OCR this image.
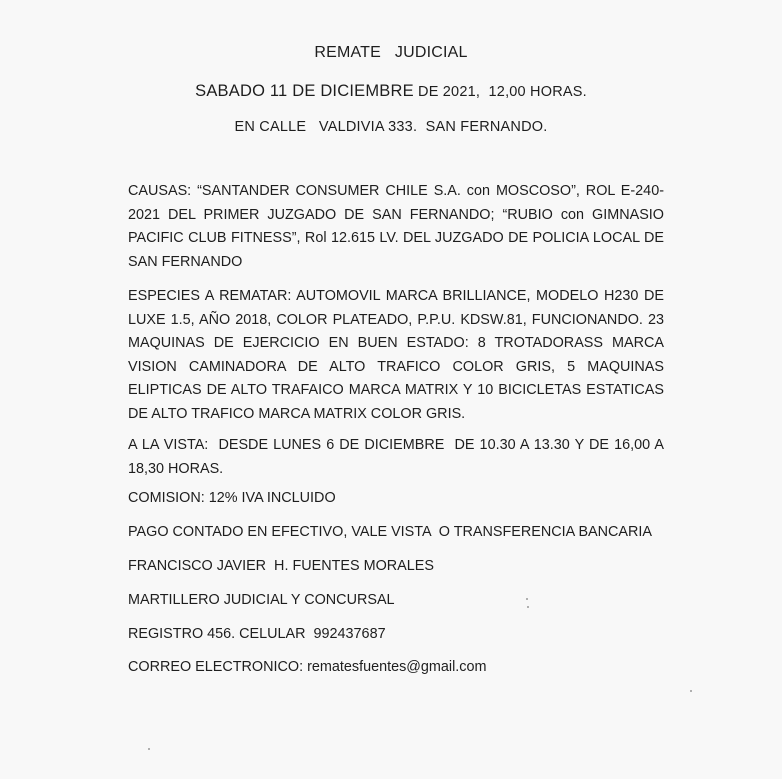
REMATE   JUDICIAL
SABADO 11 DE DICIEMBRE DE 2021,  12,00 HORAS.
EN CALLE   VALDIVIA 333.  SAN FERNANDO.
CAUSAS: “SANTANDER CONSUMER CHILE S.A. con MOSCOSO”, ROL E-240-2021 DEL PRIMER JUZGADO DE SAN FERNANDO; “RUBIO con GIMNASIO PACIFIC CLUB FITNESS”, Rol 12.615 LV. DEL JUZGADO DE POLICIA LOCAL DE SAN FERNANDO
ESPECIES A REMATAR: AUTOMOVIL MARCA BRILLIANCE, MODELO H230 DE LUXE 1.5, AÑO 2018, COLOR PLATEADO, P.P.U. KDSW.81, FUNCIONANDO. 23 MAQUINAS DE EJERCICIO EN BUEN ESTADO: 8 TROTADORASS MARCA VISION CAMINADORA DE ALTO TRAFICO COLOR GRIS, 5 MAQUINAS ELIPTICAS DE ALTO TRAFAICO MARCA MATRIX Y 10 BICICLETAS ESTATICAS DE ALTO TRAFICO MARCA MATRIX COLOR GRIS.
A LA VISTA:  DESDE LUNES 6 DE DICIEMBRE  DE 10.30 A 13.30 Y DE 16,00 A 18,30 HORAS.
COMISION: 12% IVA INCLUIDO
PAGO CONTADO EN EFECTIVO, VALE VISTA  O TRANSFERENCIA BANCARIA
FRANCISCO JAVIER  H. FUENTES MORALES
MARTILLERO JUDICIAL Y CONCURSAL
REGISTRO 456. CELULAR  992437687
CORREO ELECTRONICO: rematesfuentes@gmail.com
